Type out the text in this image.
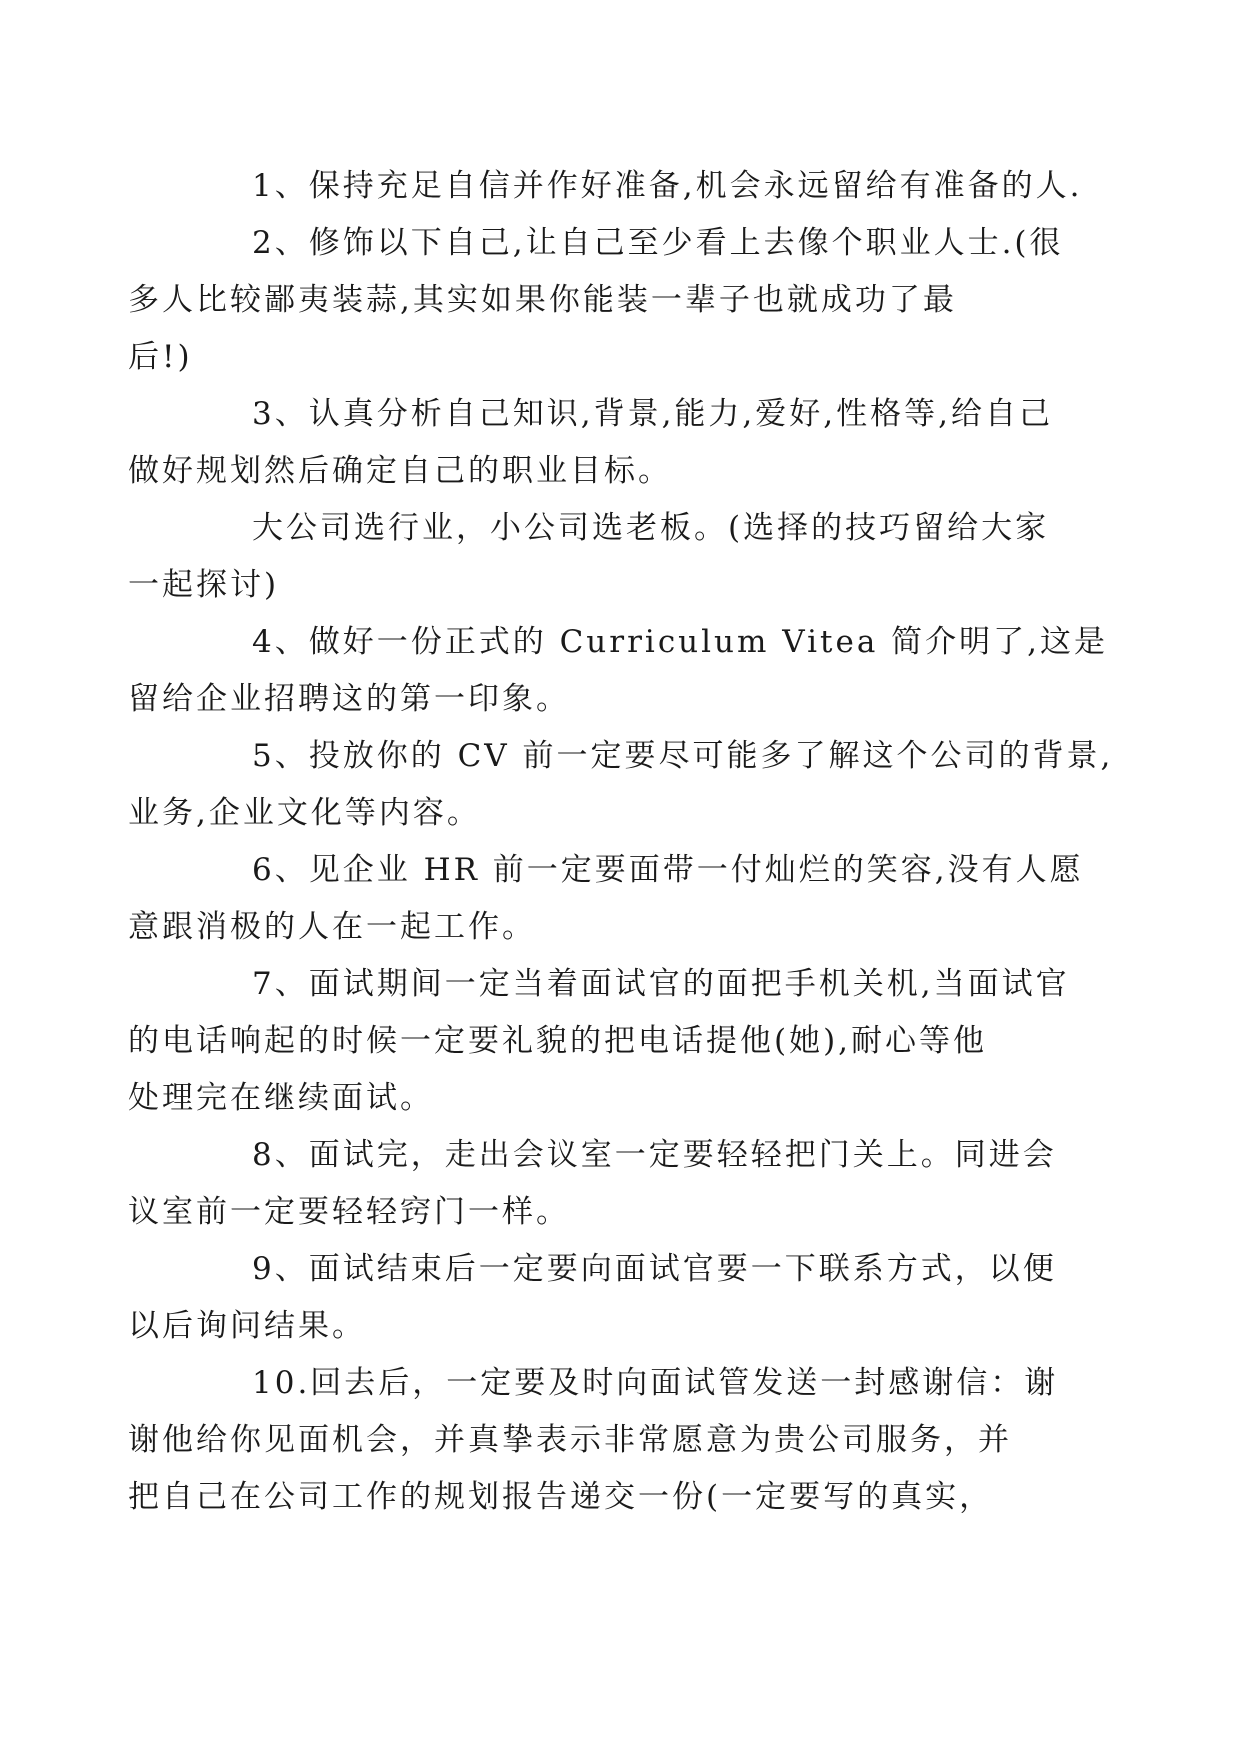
1、保持充足自信并作好准备,机会永远留给有准备的人.

2、修饰以下自己,让自己至少看上去像个职业人士.(很
多人比较鄙夷装蒜,其实如果你能装一辈子也就成功了最
后!)

3、认真分析自己知识,背景,能力,爱好,性格等,给自己
做好规划然后确定自己的职业目标。

大公司选行业，小公司选老板。(选择的技巧留给大家
一起探讨)

4、做好一份正式的 Curriculum Vitea 简介明了,这是
留给企业招聘这的第一印象。

5、投放你的 CV 前一定要尽可能多了解这个公司的背景,
业务,企业文化等内容。

6、见企业 HR 前一定要面带一付灿烂的笑容,没有人愿
意跟消极的人在一起工作。

7、面试期间一定当着面试官的面把手机关机,当面试官
的电话响起的时候一定要礼貌的把电话提他(她),耐心等他
处理完在继续面试。

8、面试完，走出会议室一定要轻轻把门关上。同进会
议室前一定要轻轻窍门一样。

9、面试结束后一定要向面试官要一下联系方式，以便
以后询问结果。

10.回去后，一定要及时向面试管发送一封感谢信：谢
谢他给你见面机会，并真挚表示非常愿意为贵公司服务，并
把自己在公司工作的规划报告递交一份(一定要写的真实，
